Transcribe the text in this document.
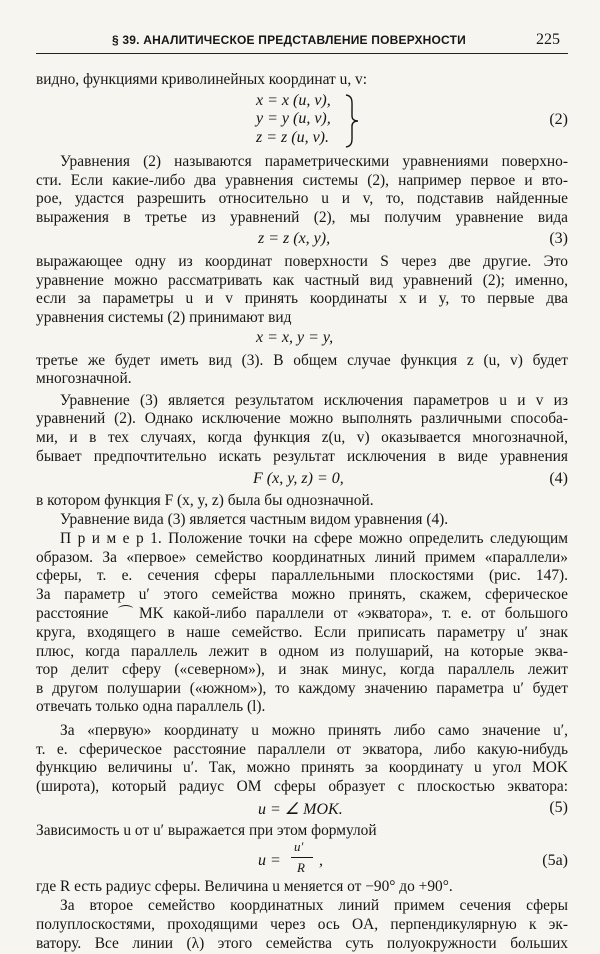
§ 39. АНАЛИТИЧЕСКОЕ ПРЕДСТАВЛЕНИЕ ПОВЕРХНОСТИ	225
видно, функциями криволинейных координат u, v:
x = x (u, v),
y = y (u, v),
z = z (u, v).
(2)
Уравнения (2) называются параметрическими уравнениями поверхно-
сти. Если какие-либо два уравнения системы (2), например первое и вто-
рое, удастся разрешить относительно u и v, то, подставив найденные
выражения в третье из уравнений (2), мы получим уравнение вида
z = z (x, y),	(3)
выражающее одну из координат поверхности S через две другие. Это
уравнение можно рассматривать как частный вид уравнений (2); именно,
если за параметры u и v принять координаты x и y, то первые два
уравнения системы (2) принимают вид
x = x, y = y,
третье же будет иметь вид (3). В общем случае функция z (u, v) будет
многозначной.
Уравнение (3) является результатом исключения параметров u и v из
уравнений (2). Однако исключение можно выполнять различными способа-
ми, и в тех случаях, когда функция z(u, v) оказывается многозначной,
бывает предпочтительно искать результат исключения в виде уравнения
F (x, y, z) = 0,	(4)
в котором функция F (x, y, z) была бы однозначной.
Уравнение вида (3) является частным видом уравнения (4).
П р и м е р 1. Положение точки на сфере можно определить следующим
образом. За «первое» семейство координатных линий примем «параллели»
сферы, т. е. сечения сферы параллельными плоскостями (рис. 147).
За параметр u′ этого семейства можно принять, скажем, сферическое
расстояние ⌒MK какой-либо параллели от «экватора», т. е. от большого
круга, входящего в наше семейство. Если приписать параметру u′ знак
плюс, когда параллель лежит в одном из полушарий, на которые эква-
тор делит сферу («северном»), и знак минус, когда параллель лежит
в другом полушарии («южном»), то каждому значению параметра u′ будет
отвечать только одна параллель (l).
За «первую» координату u можно принять либо само значение u′,
т. е. сферическое расстояние параллели от экватора, либо какую-нибудь
функцию величины u′. Так, можно принять за координату u угол MOK
(широта), который радиус OM сферы образует с плоскостью экватора:
u = ∠ MOK.	(5)
Зависимость u от u′ выражается при этом формулой
u =
u′
R ,	(5a)
где R есть радиус сферы. Величина u меняется от −90° до +90°.
За второе семейство координатных линий примем сечения сферы
полуплоскостями, проходящими через ось OA, перпендикулярную к эк-
ватору. Все линии (λ) этого семейства суть полуокружности больших
